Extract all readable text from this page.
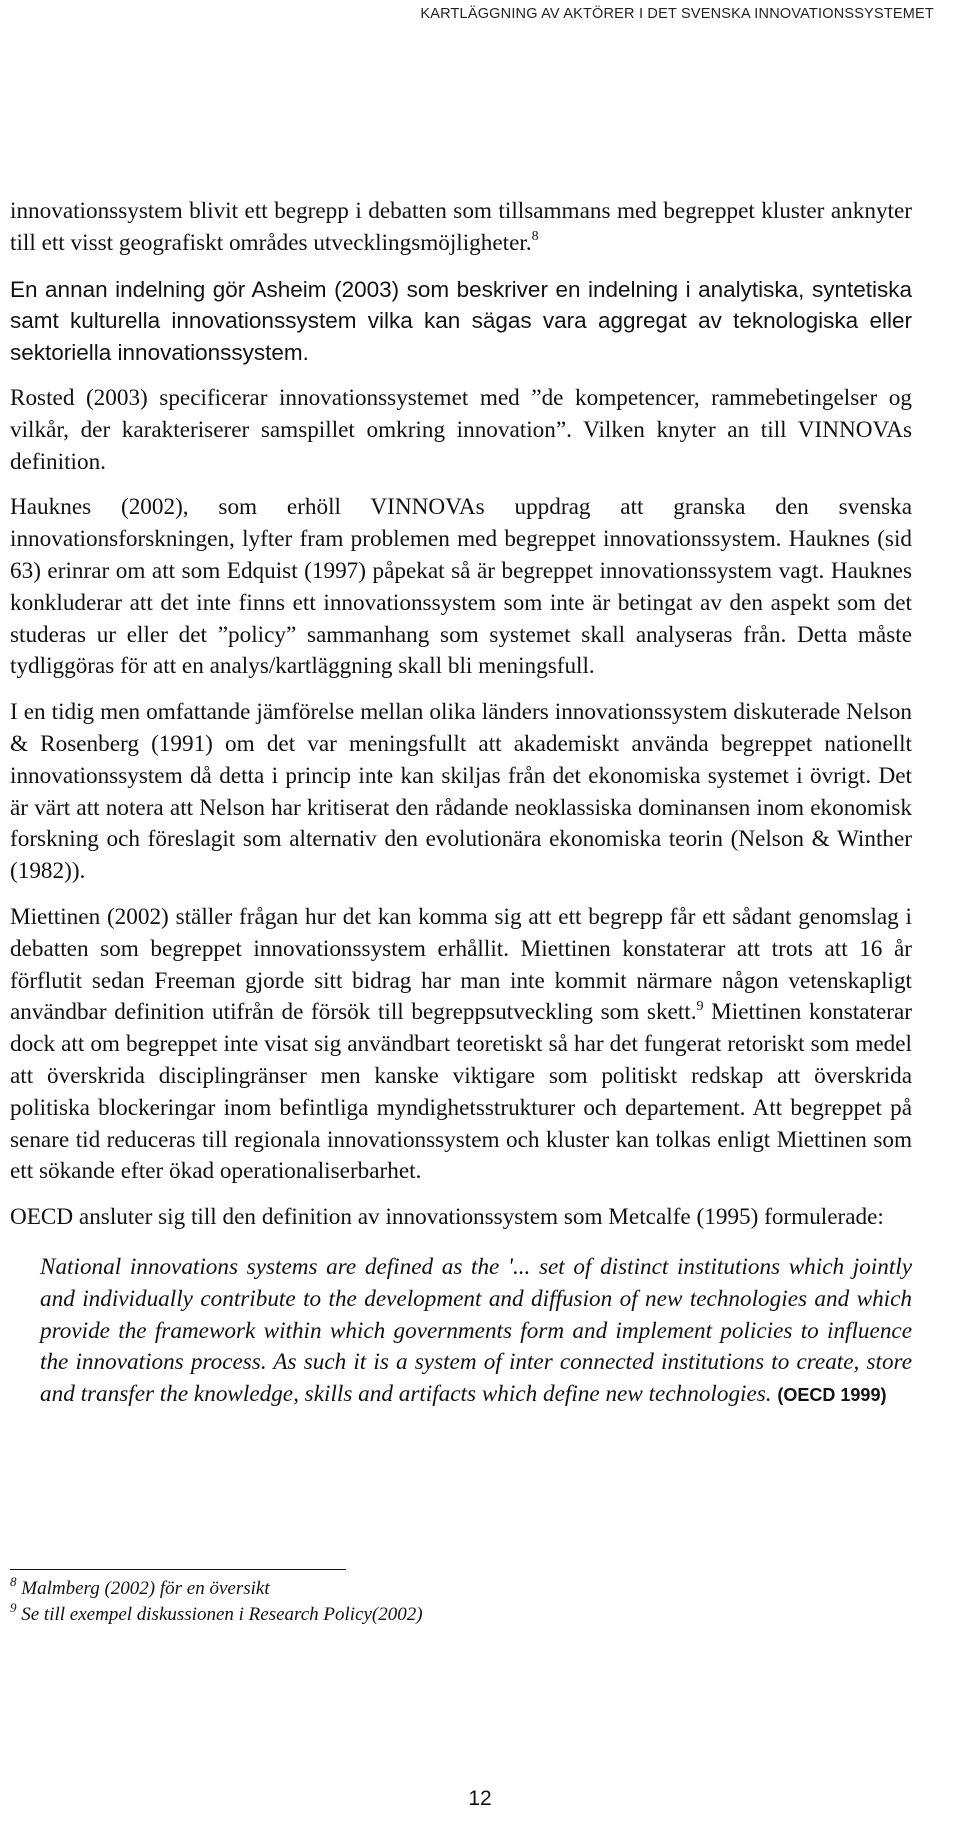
KARTLÄGGNING AV AKTÖRER I DET SVENSKA INNOVATIONSSYSTEMET

innovationssystem blivit ett begrepp i debatten som tillsammans med begreppet kluster anknyter till ett visst geografiskt områdes utvecklingsmöjligheter.$^8$

En annan indelning gör Asheim (2003) som beskriver en indelning i analytiska, syntetiska samt kulturella innovationssystem vilka kan sägas vara aggregat av teknologiska eller sektoriella innovationssystem.

Rosted (2003) specificerar innovationssystemet med ”de kompetencer, rammebetingelser og vilkår, der karakteriserer samspillet omkring innovation”. Vilken knyter an till VINNOVAs definition.

Hauknes (2002), som erhöll VINNOVAs uppdrag att granska den svenska innovationsforskningen, lyfter fram problemen med begreppet innovationssystem. Hauknes (sid 63) erinrar om att som Edquist (1997) påpekat så är begreppet innovationssystem vagt. Hauknes konkluderar att det inte finns ett innovationssystem som inte är betingat av den aspekt som det studeras ur eller det ”policy” sammanhang som systemet skall analyseras från. Detta måste tydliggöras för att en analys/kartläggning skall bli meningsfull.

I en tidig men omfattande jämförelse mellan olika länders innovationssystem diskuterade Nelson & Rosenberg (1991) om det var meningsfullt att akademiskt använda begreppet nationellt innovationssystem då detta i princip inte kan skiljas från det ekonomiska systemet i övrigt. Det är värt att notera att Nelson har kritiserat den rådande neoklassiska dominansen inom ekonomisk forskning och föreslagit som alternativ den evolutionära ekonomiska teorin (Nelson & Winther (1982)).

Miettinen (2002) ställer frågan hur det kan komma sig att ett begrepp får ett sådant genomslag i debatten som begreppet innovationssystem erhållit. Miettinen konstaterar att trots att 16 år förflutit sedan Freeman gjorde sitt bidrag har man inte kommit närmare någon vetenskapligt användbar definition utifrån de försök till begreppsutveckling som skett.$^9$ Miettinen konstaterar dock att om begreppet inte visat sig användbart teoretiskt så har det fungerat retoriskt som medel att överskrida disciplingränser men kanske viktigare som politiskt redskap att överskrida politiska blockeringar inom befintliga myndighetsstrukturer och departement. Att begreppet på senare tid reduceras till regionala innovationssystem och kluster kan tolkas enligt Miettinen som ett sökande efter ökad operationaliserbarhet.

OECD ansluter sig till den definition av innovationssystem som Metcalfe (1995) formulerade:

National innovations systems are defined as the '... set of distinct institutions which jointly and individually contribute to the development and diffusion of new technologies and which provide the framework within which governments form and implement policies to influence the innovations process. As such it is a system of inter connected institutions to create, store and transfer the knowledge, skills and artifacts which define new technologies. (OECD 1999)

$^8$ Malmberg (2002) för en översikt
$^9$ Se till exempel diskussionen i Research Policy(2002)
12
